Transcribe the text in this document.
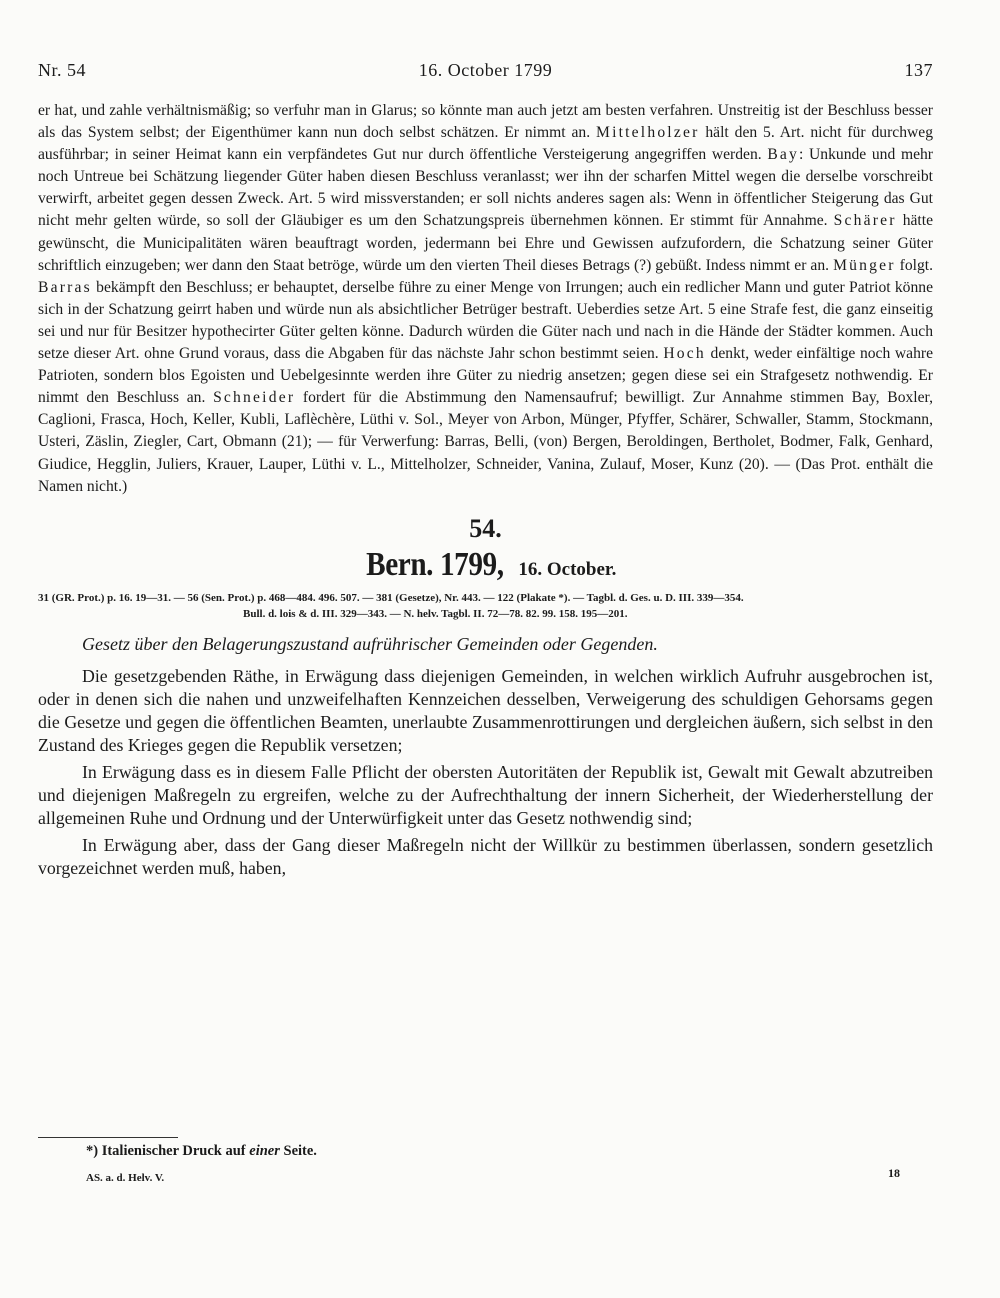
Nr. 54	16. October 1799	137

er hat, und zahle verhältnismäßig; so verfuhr man in Glarus; so könnte man auch jetzt am besten verfahren. Unstreitig ist der Beschluss besser als das System selbst; der Eigenthümer kann nun doch selbst schätzen. Er nimmt an. Mittelholzer hält den 5. Art. nicht für durchweg ausführbar; in seiner Heimat kann ein verpfändetes Gut nur durch öffentliche Versteigerung angegriffen werden. Bay: Unkunde und mehr noch Untreue bei Schätzung liegender Güter haben diesen Beschluss veranlasst; wer ihn der scharfen Mittel wegen die derselbe vorschreibt verwirft, arbeitet gegen dessen Zweck. Art. 5 wird missverstanden; er soll nichts anderes sagen als: Wenn in öffentlicher Steigerung das Gut nicht mehr gelten würde, so soll der Gläubiger es um den Schatzungspreis übernehmen können. Er stimmt für Annahme. Schärer hätte gewünscht, die Municipalitäten wären beauftragt worden, jedermann bei Ehre und Gewissen aufzufordern, die Schatzung seiner Güter schriftlich einzugeben; wer dann den Staat betröge, würde um den vierten Theil dieses Betrags (?) gebüßt. Indess nimmt er an. Münger folgt. Barras bekämpft den Beschluss; er behauptet, derselbe führe zu einer Menge von Irrungen; auch ein redlicher Mann und guter Patriot könne sich in der Schatzung geirrt haben und würde nun als absichtlicher Betrüger bestraft. Ueberdies setze Art. 5 eine Strafe fest, die ganz einseitig sei und nur für Besitzer hypothecirter Güter gelten könne. Dadurch würden die Güter nach und nach in die Hände der Städter kommen. Auch setze dieser Art. ohne Grund voraus, dass die Abgaben für das nächste Jahr schon bestimmt seien. Hoch denkt, weder einfältige noch wahre Patrioten, sondern blos Egoisten und Uebelgesinnte werden ihre Güter zu niedrig ansetzen; gegen diese sei ein Strafgesetz nothwendig. Er nimmt den Beschluss an. Schneider fordert für die Abstimmung den Namensaufruf; bewilligt. Zur Annahme stimmen Bay, Boxler, Caglioni, Frasca, Hoch, Keller, Kubli, Laflèchère, Lüthi v. Sol., Meyer von Arbon, Münger, Pfyffer, Schärer, Schwaller, Stamm, Stockmann, Usteri, Zäslin, Ziegler, Cart, Obmann (21); — für Verwerfung: Barras, Belli, (von) Bergen, Beroldingen, Bertholet, Bodmer, Falk, Genhard, Giudice, Hegglin, Juliers, Krauer, Lauper, Lüthi v. L., Mittelholzer, Schneider, Vanina, Zulauf, Moser, Kunz (20). — (Das Prot. enthält die Namen nicht.)

54.
Bern. 1799, 16. October.
31 (GR. Prot.) p. 16. 19—31. — 56 (Sen. Prot.) p. 468—484. 496. 507. — 381 (Gesetze), Nr. 443. — 122 (Plakate *). — Tagbl. d. Ges. u. D. III. 339—354.
Bull. d. lois & d. III. 329—343. — N. helv. Tagbl. II. 72—78. 82. 99. 158. 195—201.
Gesetz über den Belagerungszustand aufrührischer Gemeinden oder Gegenden.

Die gesetzgebenden Räthe, in Erwägung dass diejenigen Gemeinden, in welchen wirklich Aufruhr ausgebrochen ist, oder in denen sich die nahen und unzweifelhaften Kennzeichen desselben, Verweigerung des schuldigen Gehorsams gegen die Gesetze und gegen die öffentlichen Beamten, unerlaubte Zusammenrottirungen und dergleichen äußern, sich selbst in den Zustand des Krieges gegen die Republik versetzen;

In Erwägung dass es in diesem Falle Pflicht der obersten Autoritäten der Republik ist, Gewalt mit Gewalt abzutreiben und diejenigen Maßregeln zu ergreifen, welche zu der Aufrechthaltung der innern Sicherheit, der Wiederherstellung der allgemeinen Ruhe und Ordnung und der Unterwürfigkeit unter das Gesetz nothwendig sind;

In Erwägung aber, dass der Gang dieser Maßregeln nicht der Willkür zu bestimmen überlassen, sondern gesetzlich vorgezeichnet werden muß, haben,

*) Italienischer Druck auf einer Seite.
AS. a. d. Helv. V.	18
